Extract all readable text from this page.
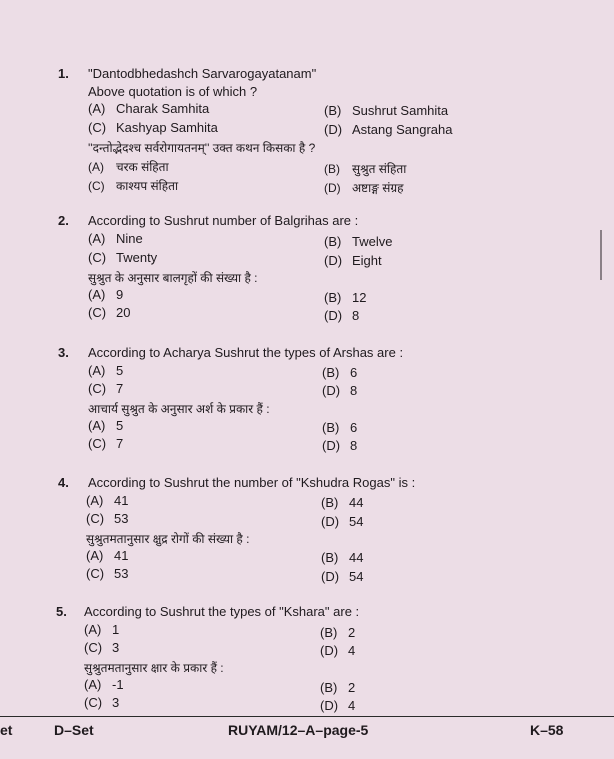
1. "Dantodbhedashch Sarvarogayatanam"
Above quotation is of which ?
(A) Charak Samhita	(B) Sushrut Samhita
(C) Kashyap Samhita	(D) Astang Sangraha
''दन्तोद्भेदश्च सर्वरोगायतनम्'' उक्त कथन किसका है ?
(A) चरक संहिता	(B) सुश्रुत संहिता
(C) काश्यप संहिता	(D) अष्टाङ्ग संग्रह
2. According to Sushrut number of Balgrihas are :
(A) Nine	(B) Twelve
(C) Twenty	(D) Eight
सुश्रुत के अनुसार बालगृहों की संख्या है :
(A) 9	(B) 12
(C) 20	(D) 8
3. According to Acharya Sushrut the types of Arshas are :
(A) 5	(B) 6
(C) 7	(D) 8
आचार्य सुश्रुत के अनुसार अर्श के प्रकार हैं :
(A) 5	(B) 6
(C) 7	(D) 8
4. According to Sushrut the number of "Kshudra Rogas" is :
(A) 41	(B) 44
(C) 53	(D) 54
सुश्रुतमतानुसार क्षुद्र रोगों की संख्या है :
(A) 41	(B) 44
(C) 53	(D) 54
5. According to Sushrut the types of "Kshara" are :
(A) 1	(B) 2
(C) 3	(D) 4
सुश्रुतमतानुसार क्षार के प्रकार हैं :
(A) -1	(B) 2
(C) 3	(D) 4
et	D–Set	RUYAM/12–A–page-5	K–58
